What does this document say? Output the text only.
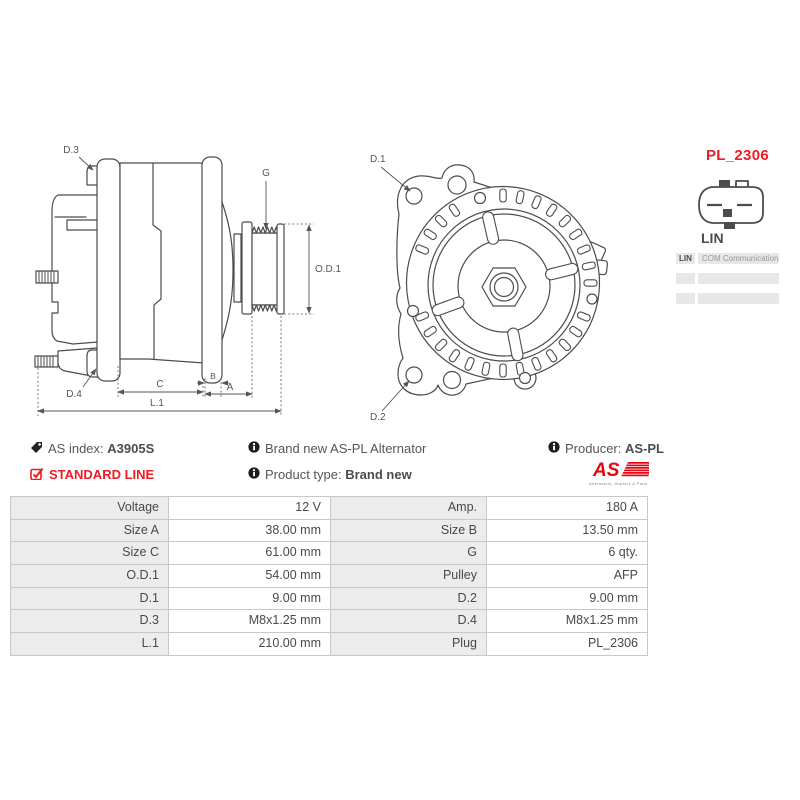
D.3
D.4
G
O.D.1
C
B
A
L.1
D.1
D.2
PL_2306
LIN
LIN	COM Communication
AS index: A3905S	Brand new AS-PL Alternator	Producer: AS-PL
STANDARD LINE	Product type: Brand new	AS
Alternators, Starters & Parts
Voltage	12 V	Amp.	180 A
Size A	38.00 mm	Size B	13.50 mm
Size C	61.00 mm	G	6 qty.
O.D.1	54.00 mm	Pulley	AFP
D.1	9.00 mm	D.2	9.00 mm
D.3	M8x1.25 mm	D.4	M8x1.25 mm
L.1	210.00 mm	Plug	PL_2306
